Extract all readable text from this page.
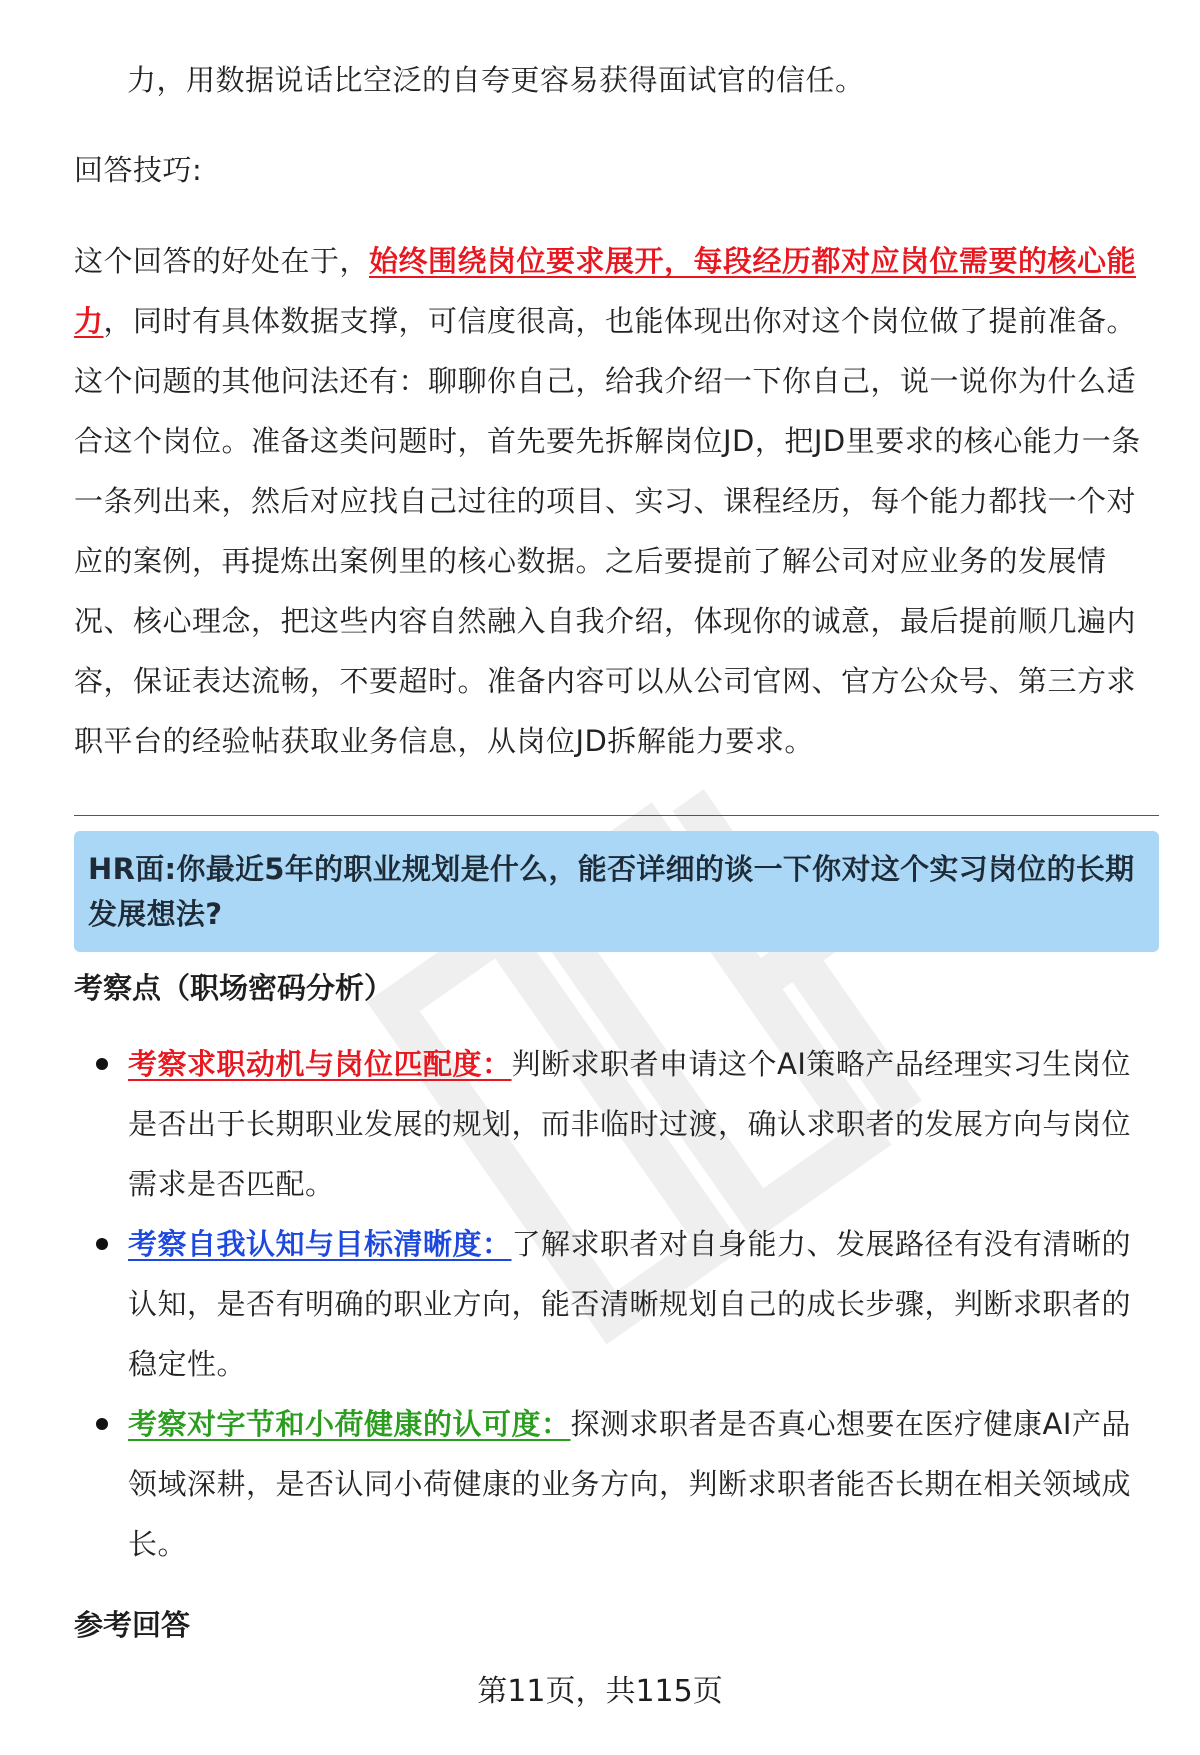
力，用数据说话比空泛的自夸更容易获得面试官的信任。

回答技巧:

这个回答的好处在于，始终围绕岗位要求展开，每段经历都对应岗位需要的核心能力，同时有具体数据支撑，可信度很高，也能体现出你对这个岗位做了提前准备。这个问题的其他问法还有：聊聊你自己，给我介绍一下你自己，说一说你为什么适合这个岗位。准备这类问题时，首先要先拆解岗位JD，把JD里要求的核心能力一条一条列出来，然后对应找自己过往的项目、实习、课程经历，每个能力都找一个对应的案例，再提炼出案例里的核心数据。之后要提前了解公司对应业务的发展情况、核心理念，把这些内容自然融入自我介绍，体现你的诚意，最后提前顺几遍内容，保证表达流畅，不要超时。准备内容可以从公司官网、官方公众号、第三方求职平台的经验帖获取业务信息，从岗位JD拆解能力要求。

HR面:你最近5年的职业规划是什么，能否详细的谈一下你对这个实习岗位的长期发展想法?

考察点（职场密码分析）

考察求职动机与岗位匹配度：判断求职者申请这个AI策略产品经理实习生岗位是否出于长期职业发展的规划，而非临时过渡，确认求职者的发展方向与岗位需求是否匹配。
考察自我认知与目标清晰度：了解求职者对自身能力、发展路径有没有清晰的认知，是否有明确的职业方向，能否清晰规划自己的成长步骤，判断求职者的稳定性。
考察对字节和小荷健康的认可度：探测求职者是否真心想要在医疗健康AI产品领域深耕，是否认同小荷健康的业务方向，判断求职者能否长期在相关领域成长。

参考回答

第11页，共115页
